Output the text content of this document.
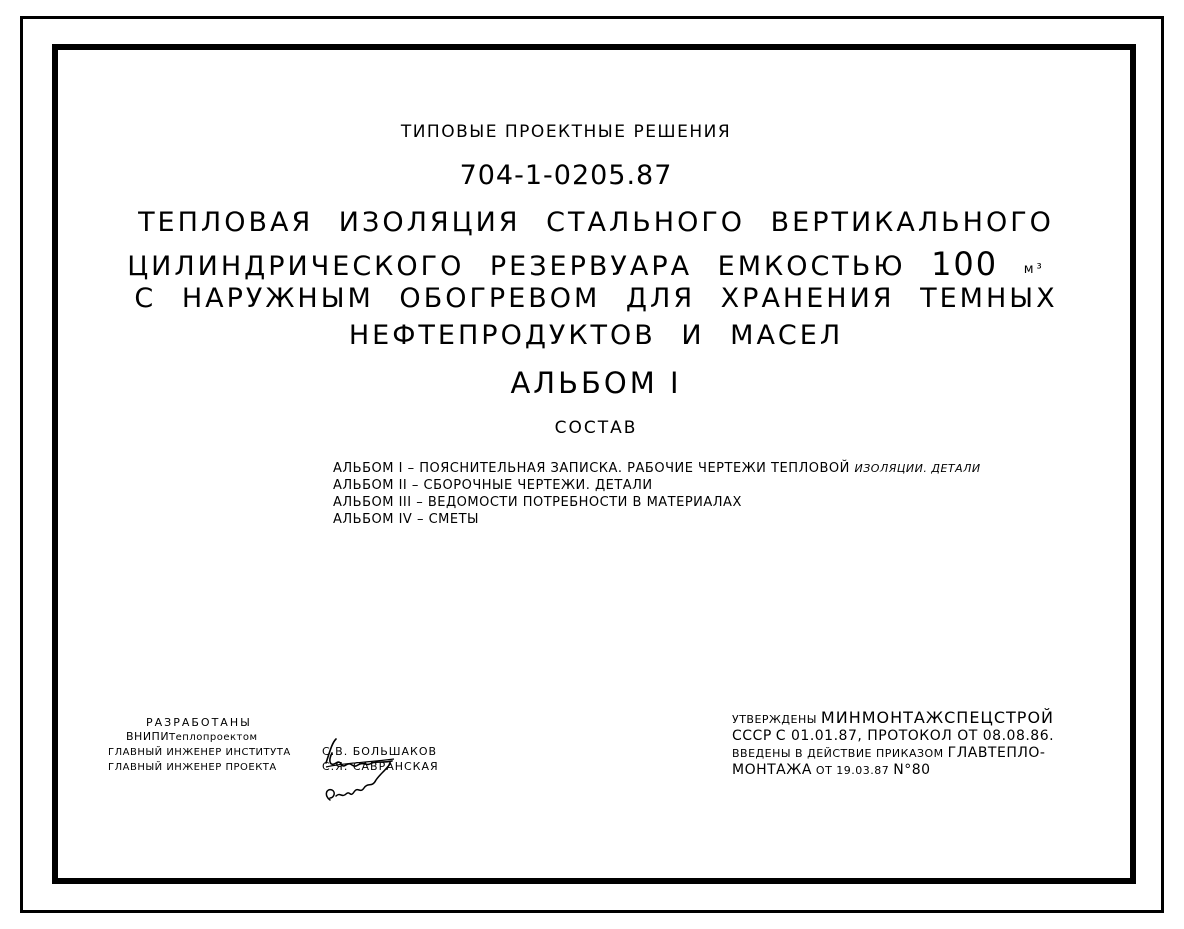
ТИПОВЫЕ ПРОЕКТНЫЕ РЕШЕНИЯ
704-1-0205.87
ТЕПЛОВАЯ ИЗОЛЯЦИЯ СТАЛЬНОГО ВЕРТИКАЛЬНОГО
ЦИЛИНДРИЧЕСКОГО РЕЗЕРВУАРА ЕМКОСТЬЮ 100 м³
С НАРУЖНЫМ ОБОГРЕВОМ ДЛЯ ХРАНЕНИЯ ТЕМНЫХ
НЕФТЕПРОДУКТОВ И МАСЕЛ
АЛЬБОМ I
СОСТАВ
АЛЬБОМ I – ПОЯСНИТЕЛЬНАЯ ЗАПИСКА. РАБОЧИЕ ЧЕРТЕЖИ ТЕПЛОВОЙ ИЗОЛЯЦИИ. ДЕТАЛИ
АЛЬБОМ II – СБОРОЧНЫЕ ЧЕРТЕЖИ. ДЕТАЛИ
АЛЬБОМ III – ВЕДОМОСТИ ПОТРЕБНОСТИ В МАТЕРИАЛАХ
АЛЬБОМ IV – СМЕТЫ
РАЗРАБОТАНЫ
ВНИПИТеплопроектом
ГЛАВНЫЙ ИНЖЕНЕР ИНСТИТУТА	С.В. БОЛЬШАКОВ
ГЛАВНЫЙ ИНЖЕНЕР ПРОЕКТА	С.Я. САВРАНСКАЯ
УТВЕРЖДЕНЫ МИНМОНТАЖСПЕЦСТРОЙ
СССР С 01.01.87, ПРОТОКОЛ ОТ 08.08.86.
ВВЕДЕНЫ В ДЕЙСТВИЕ ПРИКАЗОМ ГЛАВТЕПЛО-
МОНТАЖА ОТ 19.03.87 N°80
